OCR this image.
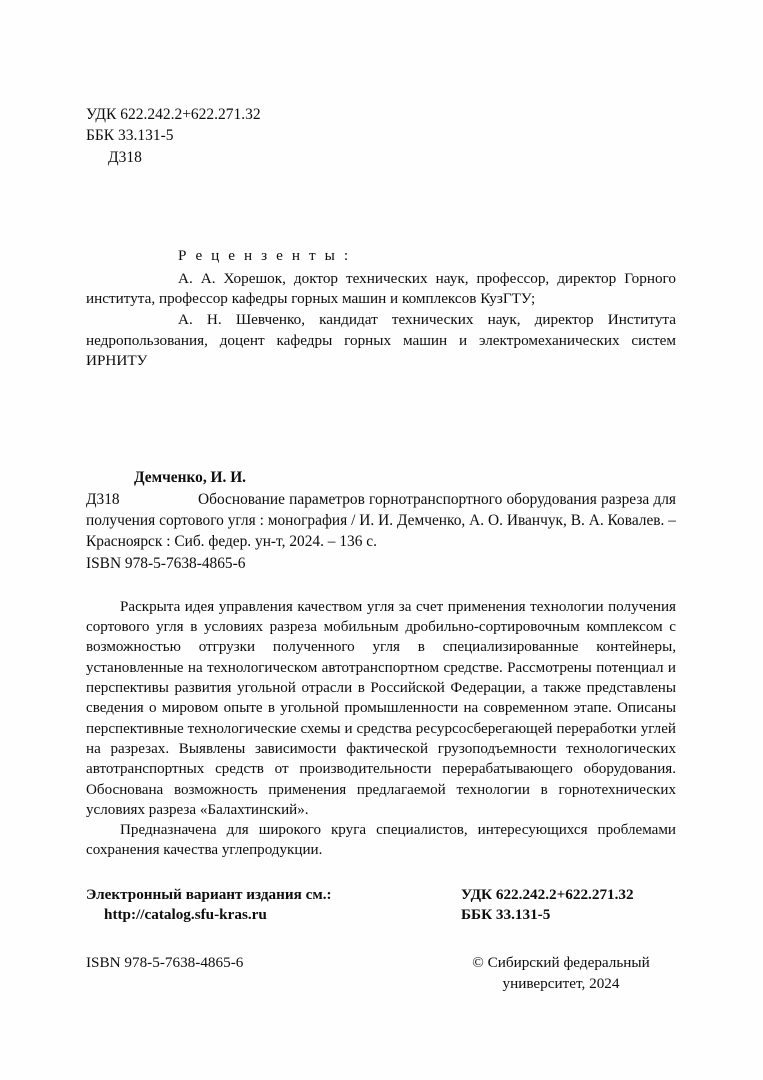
УДК 622.242.2+622.271.32
ББК 33.131-5
Д318
Р е ц е н з е н т ы :

А. А. Хорешок, доктор технических наук, профессор, директор Горного института, профессор кафедры горных машин и комплексов КузГТУ;

А. Н. Шевченко, кандидат технических наук, директор Института недропользования, доцент кафедры горных машин и электромеханических систем ИРНИТУ

Демченко, И. И.
Д318	Обоснование параметров горнотранспортного оборудования разреза для получения сортового угля : монография / И. И. Демченко, А. О. Иванчук, В. А. Ковалев. – Красноярск : Сиб. федер. ун-т, 2024. – 136 с.
ISBN 978-5-7638-4865-6

Раскрыта идея управления качеством угля за счет применения технологии получения сортового угля в условиях разреза мобильным дробильно-сортировочным комплексом с возможностью отгрузки полученного угля в специализированные контейнеры, установленные на технологическом автотранспортном средстве. Рассмотрены потенциал и перспективы развития угольной отрасли в Российской Федерации, а также представлены сведения о мировом опыте в угольной промышленности на современном этапе. Описаны перспективные технологические схемы и средства ресурсосберегающей переработки углей на разрезах. Выявлены зависимости фактической грузоподъемности технологических автотранспортных средств от производительности перерабатывающего оборудования. Обоснована возможность применения предлагаемой технологии в горнотехнических условиях разреза «Балахтинский».

Предназначена для широкого круга специалистов, интересующихся проблемами сохранения качества углепродукции.

Электронный вариант издания см.:
http://catalog.sfu-kras.ru
УДК 622.242.2+622.271.32
ББК 33.131-5
ISBN 978-5-7638-4865-6	© Сибирский федеральный
университет, 2024
